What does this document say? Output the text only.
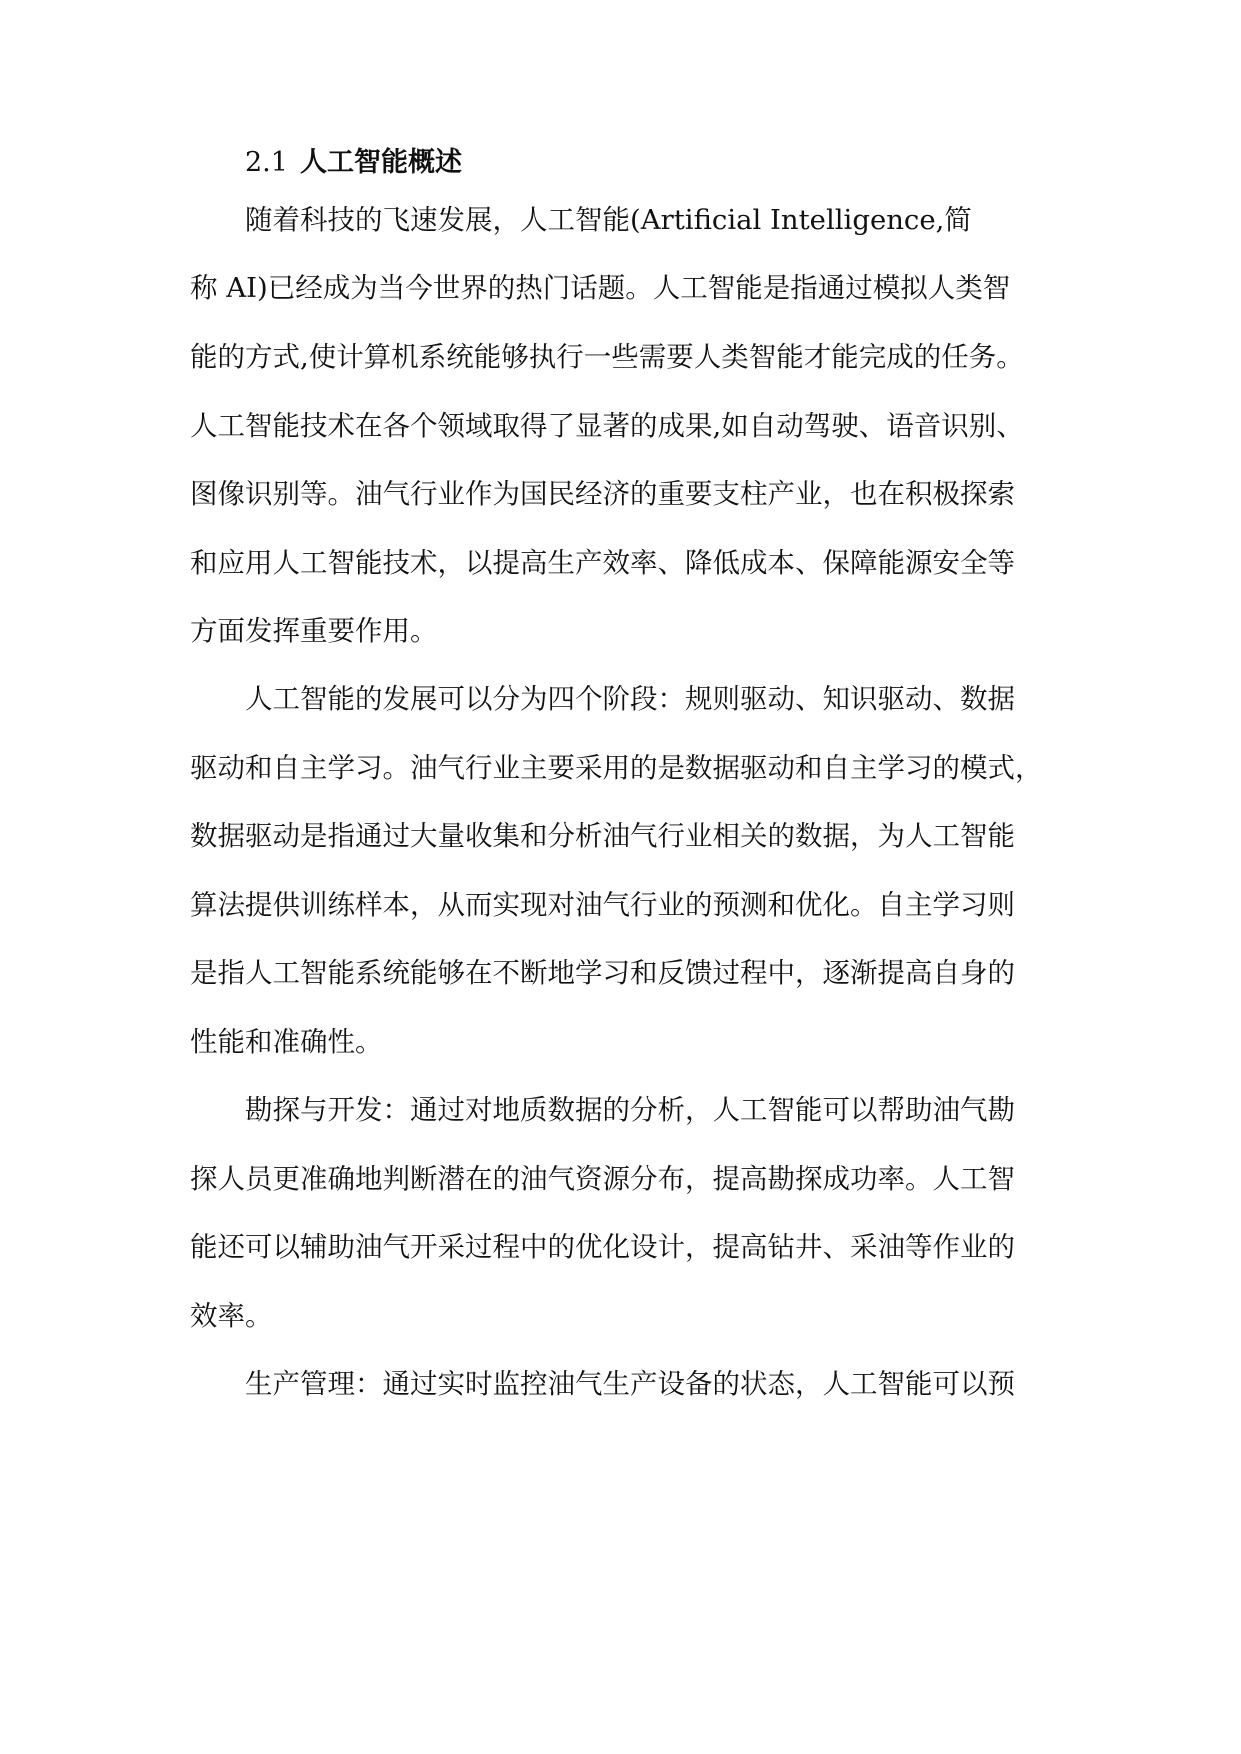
2.1 人工智能概述

随着科技的飞速发展，人工智能(Artificial Intelligence,简

称 AI)已经成为当今世界的热门话题。人工智能是指通过模拟人类智

能的方式,使计算机系统能够执行一些需要人类智能才能完成的任务。

人工智能技术在各个领域取得了显著的成果,如自动驾驶、语音识别、

图像识别等。油气行业作为国民经济的重要支柱产业，也在积极探索

和应用人工智能技术，以提高生产效率、降低成本、保障能源安全等

方面发挥重要作用。

人工智能的发展可以分为四个阶段：规则驱动、知识驱动、数据

驱动和自主学习。油气行业主要采用的是数据驱动和自主学习的模式，

数据驱动是指通过大量收集和分析油气行业相关的数据，为人工智能

算法提供训练样本，从而实现对油气行业的预测和优化。自主学习则

是指人工智能系统能够在不断地学习和反馈过程中，逐渐提高自身的

性能和准确性。

勘探与开发：通过对地质数据的分析，人工智能可以帮助油气勘

探人员更准确地判断潜在的油气资源分布，提高勘探成功率。人工智

能还可以辅助油气开采过程中的优化设计，提高钻井、采油等作业的

效率。

生产管理：通过实时监控油气生产设备的状态，人工智能可以预
